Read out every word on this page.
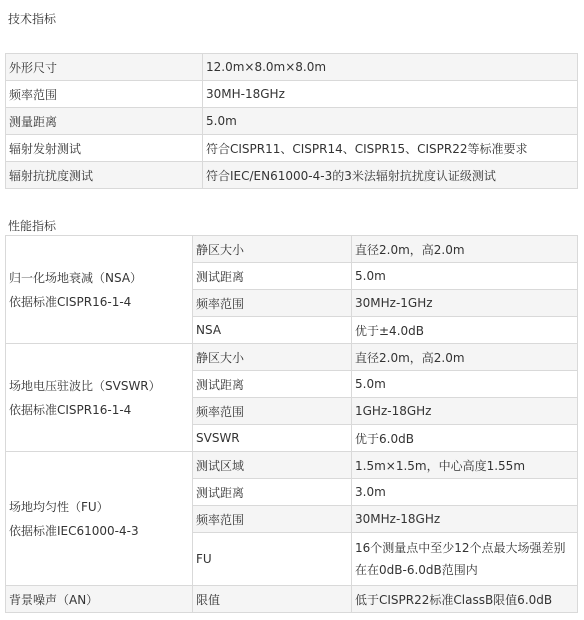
技术指标
外形尺寸	12.0m×8.0m×8.0m
频率范围	30MH-18GHz
测量距离	5.0m
辐射发射测试	符合CISPR11、CISPR14、CISPR15、CISPR22等标准要求
辐射抗扰度测试	符合IEC/EN61000-4-3的3米法辐射抗扰度认证级测试
性能指标
归一化场地衰减（NSA）
依据标准CISPR16-1-4	静区大小	直径2.0m，高2.0m
	测试距离	5.0m
	频率范围	30MHz-1GHz
	NSA	优于±4.0dB

场地电压驻波比（SVSWR）
依据标准CISPR16-1-4	静区大小	直径2.0m，高2.0m
	测试距离	5.0m
	频率范围	1GHz-18GHz
	SVSWR	优于6.0dB

场地均匀性（FU）
依据标准IEC61000-4-3	测试区域	1.5m×1.5m，中心高度1.55m
	测试距离	3.0m
	频率范围	30MHz-18GHz
	FU	16个测量点中至少12个点最大场强差别
在在0dB-6.0dB范围内

背景噪声（AN）	限值	低于CISPR22标准ClassB限值6.0dB
